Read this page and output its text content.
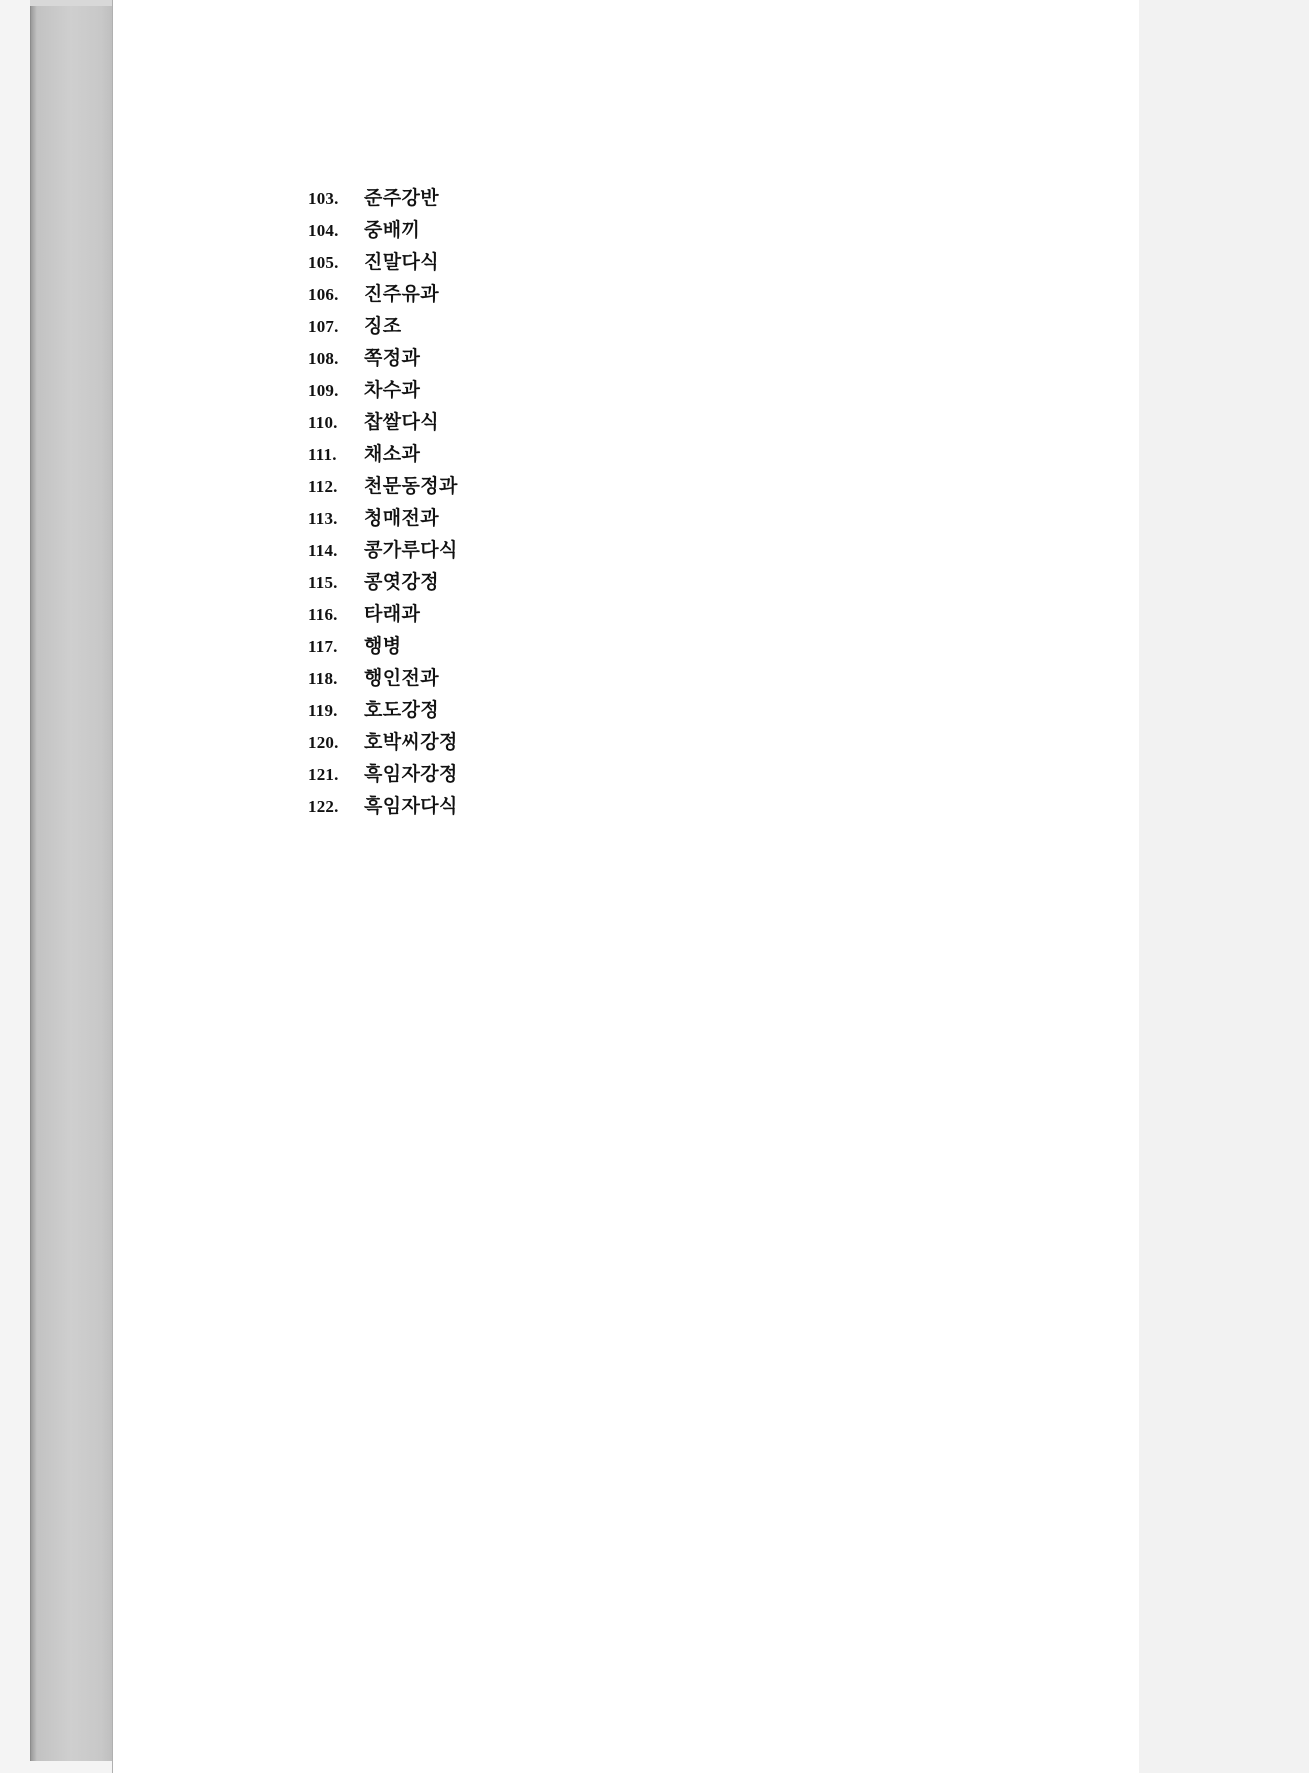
103.	준주강반
104.	중배끼
105.	진말다식
106.	진주유과
107.	징조
108.	쪽정과
109.	차수과
110.	찹쌀다식
111.	채소과
112.	천문동정과
113.	청매전과
114.	콩가루다식
115.	콩엿강정
116.	타래과
117.	행병
118.	행인전과
119.	호도강정
120.	호박씨강정
121.	흑임자강정
122.	흑임자다식
